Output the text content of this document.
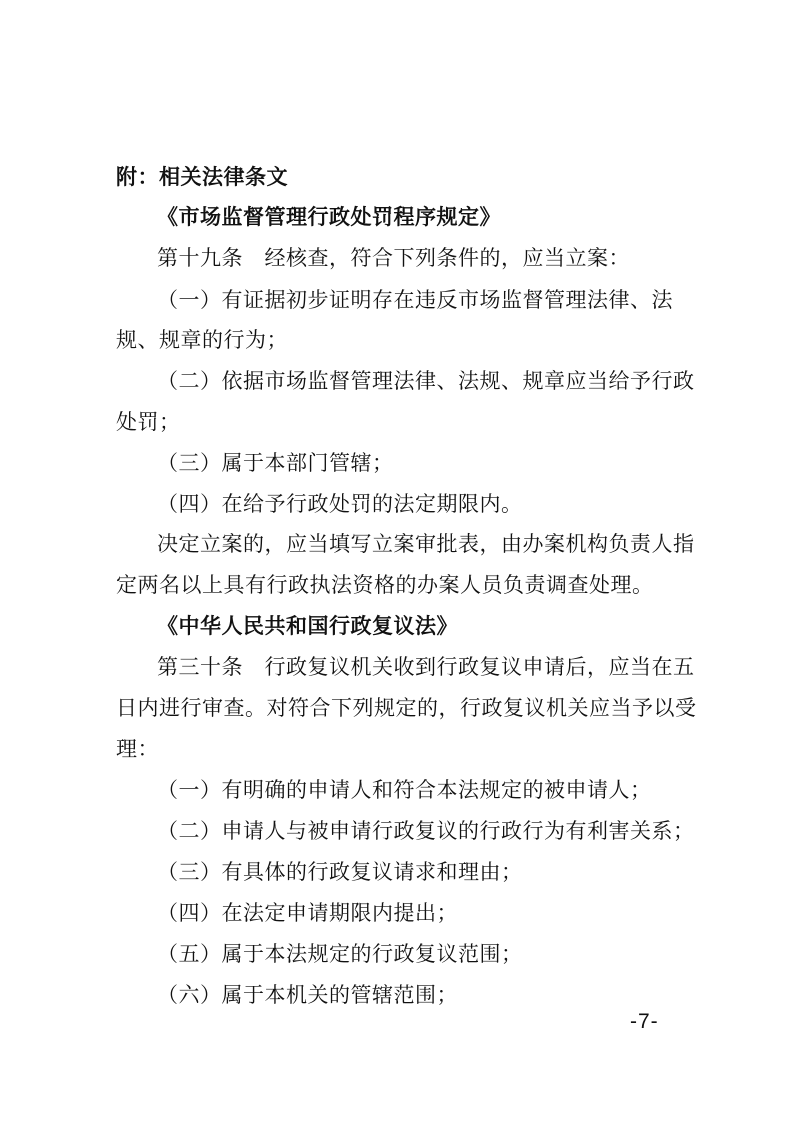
附：相关法律条文
《市场监督管理行政处罚程序规定》
第十九条　经核查，符合下列条件的，应当立案：
（一）有证据初步证明存在违反市场监督管理法律、法
规、规章的行为；
（二）依据市场监督管理法律、法规、规章应当给予行政
处罚；
（三）属于本部门管辖；
（四）在给予行政处罚的法定期限内。
决定立案的，应当填写立案审批表，由办案机构负责人指
定两名以上具有行政执法资格的办案人员负责调查处理。
《中华人民共和国行政复议法》
第三十条　行政复议机关收到行政复议申请后，应当在五
日内进行审查。对符合下列规定的，行政复议机关应当予以受
理：
（一）有明确的申请人和符合本法规定的被申请人；
（二）申请人与被申请行政复议的行政行为有利害关系；
（三）有具体的行政复议请求和理由；
（四）在法定申请期限内提出；
（五）属于本法规定的行政复议范围；
（六）属于本机关的管辖范围；
-7-
